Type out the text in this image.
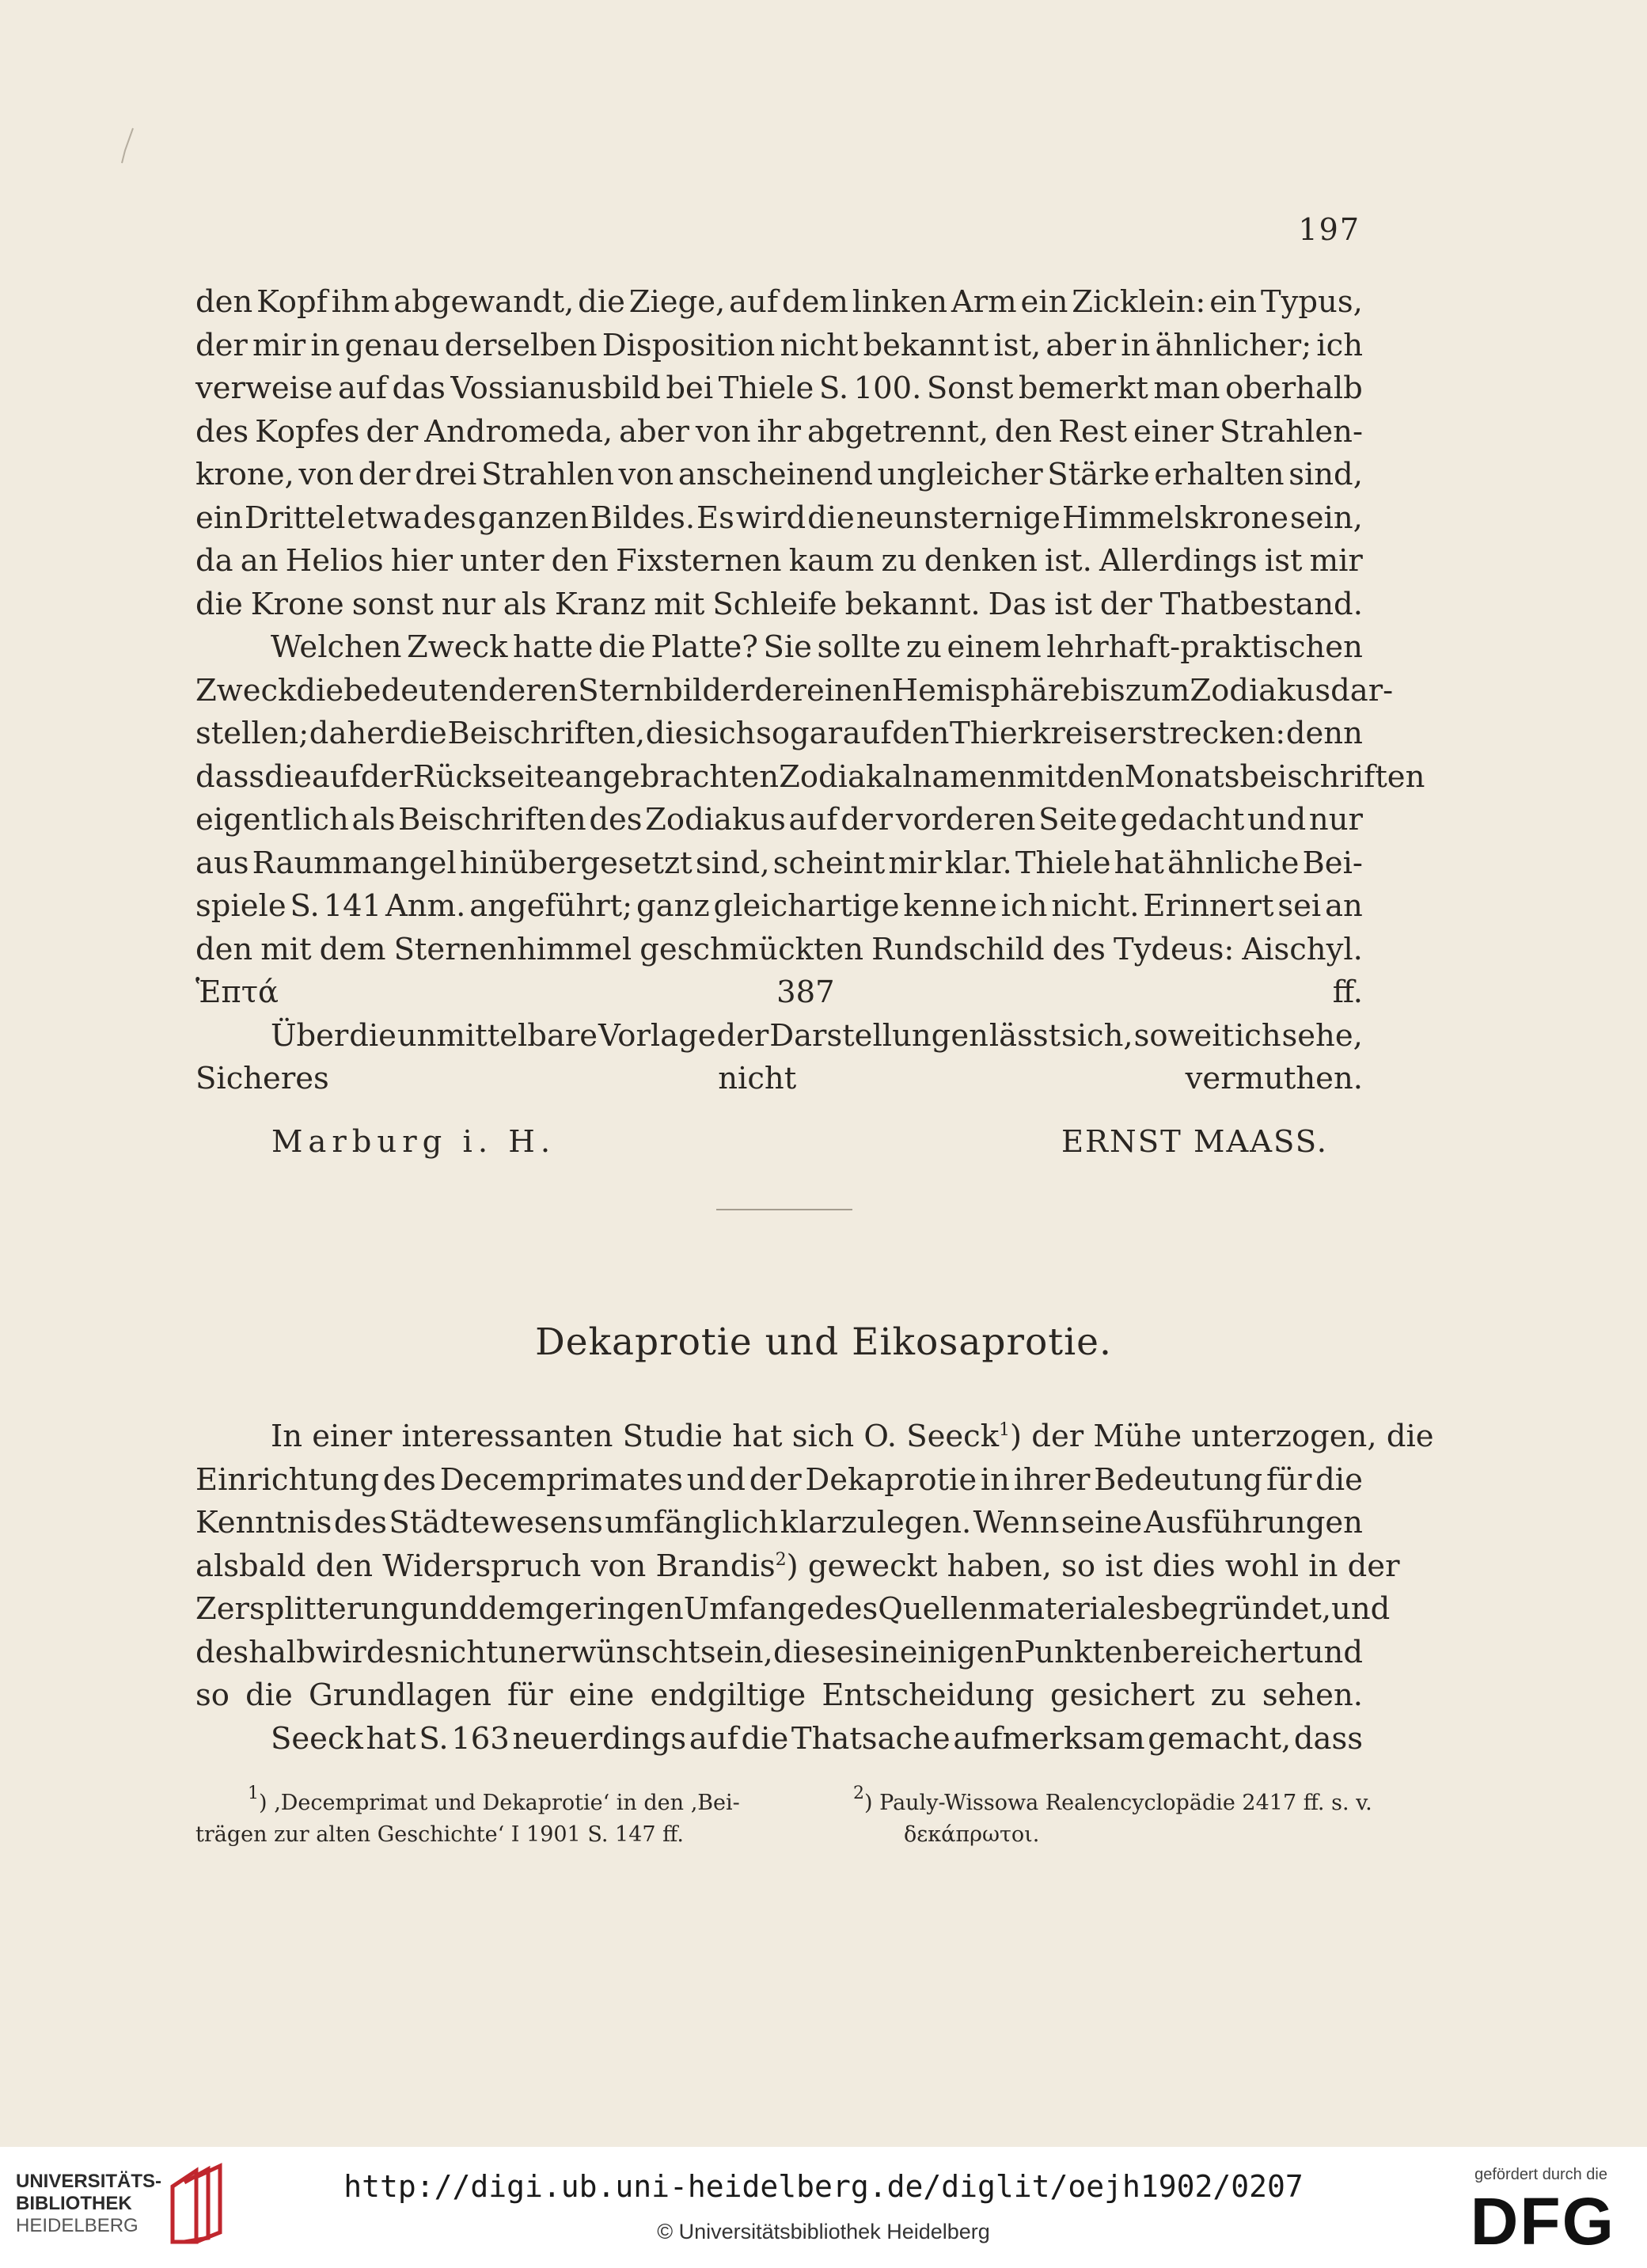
197

den Kopf ihm abgewandt, die Ziege, auf dem linken Arm ein Zicklein: ein Typus,
der mir in genau derselben Disposition nicht bekannt ist, aber in ähnlicher; ich
verweise auf das Vossianusbild bei Thiele S. 100. Sonst bemerkt man oberhalb
des Kopfes der Andromeda, aber von ihr abgetrennt, den Rest einer Strahlen-
krone, von der drei Strahlen von anscheinend ungleicher Stärke erhalten sind,
ein Drittel etwa des ganzen Bildes. Es wird die neunsternige Himmelskrone sein,
da an Helios hier unter den Fixsternen kaum zu denken ist. Allerdings ist mir
die Krone sonst nur als Kranz mit Schleife bekannt. Das ist der Thatbestand.

Welchen Zweck hatte die Platte? Sie sollte zu einem lehrhaft-praktischen
Zweck die bedeutenderen Sternbilder der einen Hemisphäre bis zum Zodiakus dar-
stellen; daher die Beischriften, die sich sogar auf den Thierkreis erstrecken: denn
dass die auf der Rückseite angebrachten Zodiakalnamen mit den Monatsbeischriften
eigentlich als Beischriften des Zodiakus auf der vorderen Seite gedacht und nur
aus Raummangel hinübergesetzt sind, scheint mir klar. Thiele hat ähnliche Bei-
spiele S. 141 Anm. angeführt; ganz gleichartige kenne ich nicht. Erinnert sei an
den mit dem Sternenhimmel geschmückten Rundschild des Tydeus: Aischyl.
Ἑπτά 387 ff.

Über die unmittelbare Vorlage der Darstellungen lässt sich, soweit ich sehe,
Sicheres nicht vermuthen.

Marburg i. H.	ERNST MAASS.
Dekaprotie und Eikosaprotie.

In einer interessanten Studie hat sich O. Seeck$^1$) der Mühe unterzogen, die
Einrichtung des Decemprimates und der Dekaprotie in ihrer Bedeutung für die
Kenntnis des Städtewesens umfänglich klarzulegen. Wenn seine Ausführungen
alsbald den Widerspruch von Brandis$^2$) geweckt haben, so ist dies wohl in der
Zersplitterung und dem geringen Umfange des Quellenmateriales begründet, und
deshalb wird es nicht unerwünscht sein, dieses in einigen Punkten bereichert und
so die Grundlagen für eine endgiltige Entscheidung gesichert zu sehen.

Seeck hat S. 163 neuerdings auf die Thatsache aufmerksam gemacht, dass

$^1$) ‚Decemprimat und Dekaprotie‘ in den ‚Bei-
trägen zur alten Geschichte‘ I 1901 S. 147 ff.
$^2$) Pauly-Wissowa Realencyclopädie 2417 ff. s. v.
δεκάπρωτοι.
UNIVERSITÄTS-
BIBLIOTHEK
HEIDELBERG
http://digi.ub.uni-heidelberg.de/diglit/oejh1902/0207
© Universitätsbibliothek Heidelberg
gefördert durch die
DFG
